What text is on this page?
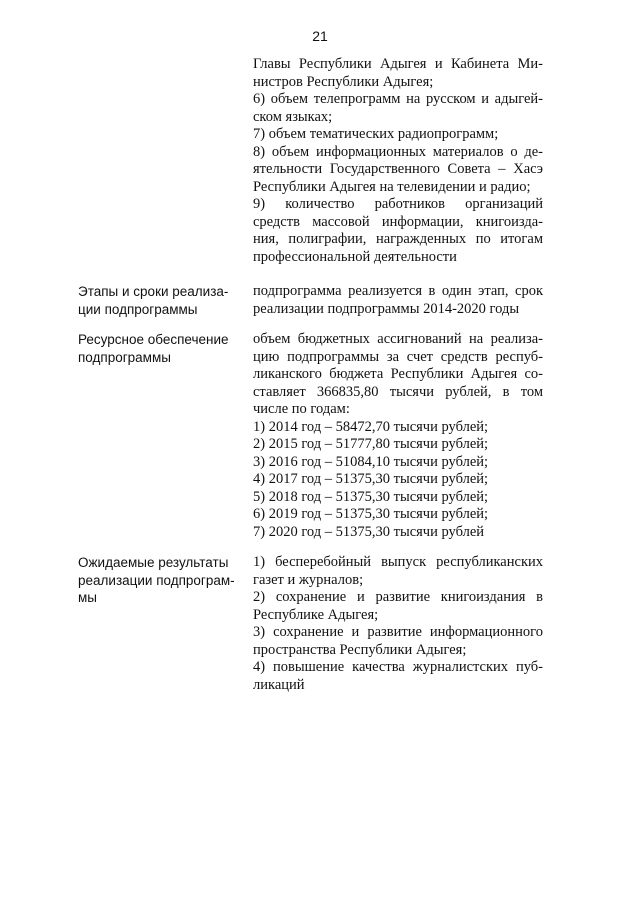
21
Главы Республики Адыгея и Кабинета Ми-
нистров Республики Адыгея;
6) объем телепрограмм на русском и адыгей-
ском языках;
7) объем тематических радиопрограмм;
8) объем информационных материалов о де-
ятельности Государственного Совета – Хасэ
Республики Адыгея на телевидении и радио;
9)    количество    работников    организаций
средств массовой информации, книгоизда-
ния, полиграфии, награжденных по итогам
профессиональной деятельности
Этапы и сроки реализа-
ции подпрограммы
подпрограмма реализуется в один этап, срок
реализации подпрограммы 2014-2020 годы
Ресурсное обеспечение
подпрограммы
объем бюджетных ассигнований на реализа-
цию подпрограммы за счет средств респуб-
ликанского бюджета Республики Адыгея со-
ставляет 366835,80 тысячи рублей, в том
числе по годам:
1) 2014 год – 58472,70 тысячи рублей;
2) 2015 год – 51777,80 тысячи рублей;
3) 2016 год – 51084,10 тысячи рублей;
4) 2017 год – 51375,30 тысячи рублей;
5) 2018 год – 51375,30 тысячи рублей;
6) 2019 год – 51375,30 тысячи рублей;
7) 2020 год – 51375,30 тысячи рублей
Ожидаемые результаты
реализации подпрограм-
мы
1) бесперебойный выпуск республиканских
газет и журналов;
2) сохранение и развитие книгоиздания в
Республике Адыгея;
3) сохранение и развитие информационного
пространства Республики Адыгея;
4) повышение качества журналистских пуб-
ликаций
